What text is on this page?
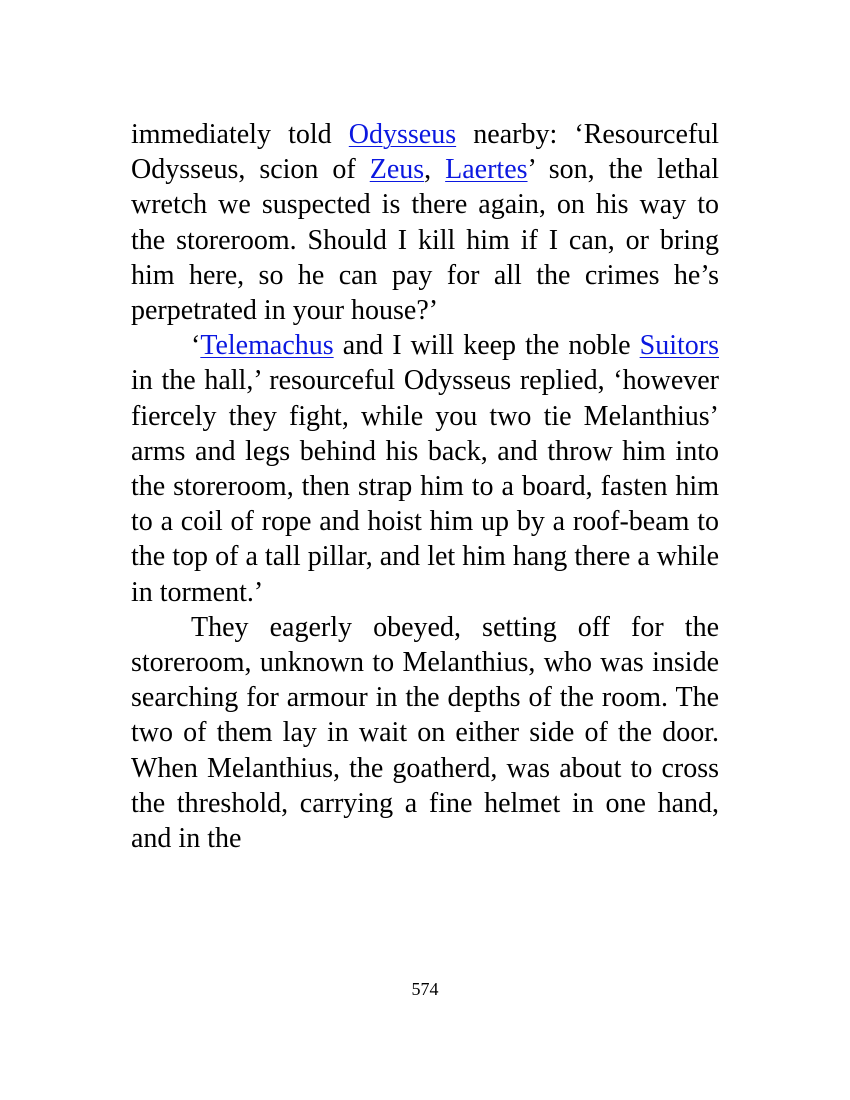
immediately told Odysseus nearby: ‘Resourceful Odysseus, scion of Zeus, Laertes’ son, the lethal wretch we suspected is there again, on his way to the storeroom. Should I kill him if I can, or bring him here, so he can pay for all the crimes he’s perpetrated in your house?’

‘Telemachus and I will keep the noble Suitors in the hall,’ resourceful Odysseus replied, ‘however fiercely they fight, while you two tie Melanthius’ arms and legs behind his back, and throw him into the storeroom, then strap him to a board, fasten him to a coil of rope and hoist him up by a roof-beam to the top of a tall pillar, and let him hang there a while in torment.’

They eagerly obeyed, setting off for the storeroom, unknown to Melanthius, who was inside searching for armour in the depths of the room. The two of them lay in wait on either side of the door. When Melanthius, the goatherd, was about to cross the threshold, carrying a fine helmet in one hand, and in the

574
